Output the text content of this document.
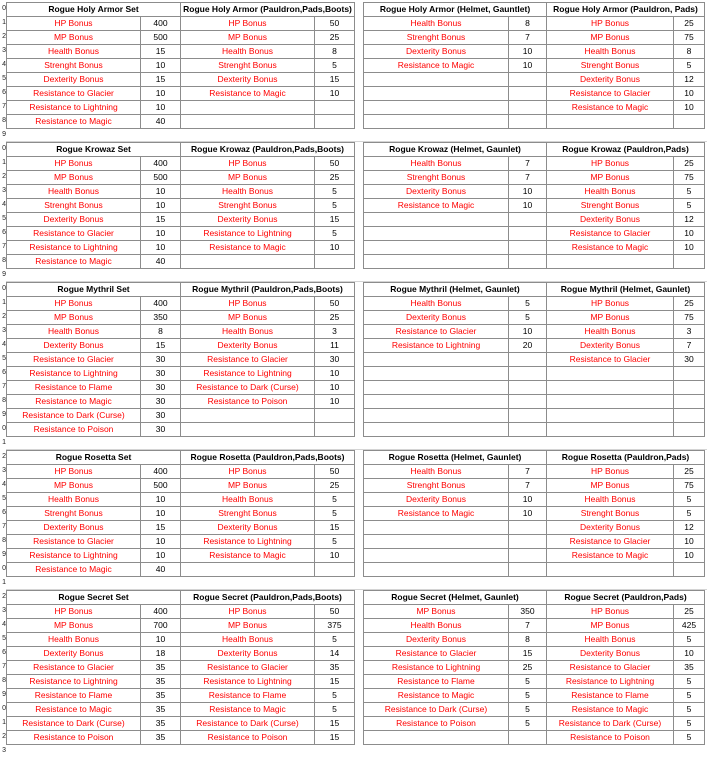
0
1
2
3
4
5
6
7
8
9
0
1
2
3
4
5
6
7
8
9
0
1
2
3
4
5
6
7
8
9
0
1
2
3
4
5
6
7
8
9
0
1
2
3
4
5
6
7
8
9
0
1
2
3
Rogue Holy Armor Set	
HP Bonus	400
MP Bonus	500
Health Bonus	15
Strenght Bonus	10
Dexterity Bonus	15
Resistance to Glacier	10
Resistance to Lightning	10
Resistance to Magic	40
Rogue Holy Armor (Pauldron,Pads,Boots)	
HP Bonus	50
MP Bonus	25
Health Bonus	8
Strenght Bonus	5
Dexterity Bonus	15
Resistance to Magic	10

Rogue Holy Armor (Helmet, Gauntlet)	
Health Bonus	8
Strenght Bonus	7
Dexterity Bonus	10
Resistance to Magic	10

Rogue Holy Armor (Pauldron, Pads)	
HP Bonus	25
MP Bonus	75
Health Bonus	8
Strenght Bonus	5
Dexterity Bonus	12
Resistance to Glacier	10
Resistance to Magic	10

Rogue Krowaz Set	
HP Bonus	400
MP Bonus	500
Health Bonus	10
Strenght Bonus	10
Dexterity Bonus	15
Resistance to Glacier	10
Resistance to Lightning	10
Resistance to Magic	40
Rogue Krowaz (Pauldron,Pads,Boots)	
HP Bonus	50
MP Bonus	25
Health Bonus	5
Strenght Bonus	5
Dexterity Bonus	15
Resistance to Lightning	5
Resistance to Magic	10

Rogue Krowaz (Helmet, Gaunlet)	
Health Bonus	7
Strenght Bonus	7
Dexterity Bonus	10
Resistance to Magic	10

Rogue Krowaz (Pauldron,Pads)	
HP Bonus	25
MP Bonus	75
Health Bonus	5
Strenght Bonus	5
Dexterity Bonus	12
Resistance to Glacier	10
Resistance to Magic	10

Rogue Mythril Set	
HP Bonus	400
MP Bonus	350
Health Bonus	8
Dexterity Bonus	15
Resistance to Glacier	30
Resistance to Lightning	30
Resistance to Flame	30
Resistance to Magic	30
Resistance to Dark (Curse)	30
Resistance to Poison	30
Rogue Mythril (Pauldron,Pads,Boots)	
HP Bonus	50
MP Bonus	25
Health Bonus	3
Dexterity Bonus	11
Resistance to Glacier	30
Resistance to Lightning	10
Resistance to Dark (Curse)	10
Resistance to Poison	10

Rogue Mythril (Helmet, Gaunlet)	
Health Bonus	5
Dexterity Bonus	5
Resistance to Glacier	10
Resistance to Lightning	20

Rogue Mythril (Helmet, Gaunlet)	
HP Bonus	25
MP Bonus	75
Health Bonus	3
Dexterity Bonus	7
Resistance to Glacier	30

Rogue Rosetta Set	
HP Bonus	400
MP Bonus	500
Health Bonus	10
Strenght Bonus	10
Dexterity Bonus	15
Resistance to Glacier	10
Resistance to Lightning	10
Resistance to Magic	40
Rogue Rosetta (Pauldron,Pads,Boots)	
HP Bonus	50
MP Bonus	25
Health Bonus	5
Strenght Bonus	5
Dexterity Bonus	15
Resistance to Lightning	5
Resistance to Magic	10

Rogue Rosetta (Helmet, Gaunlet)	
Health Bonus	7
Strenght Bonus	7
Dexterity Bonus	10
Resistance to Magic	10

Rogue Rosetta (Pauldron,Pads)	
HP Bonus	25
MP Bonus	75
Health Bonus	5
Strenght Bonus	5
Dexterity Bonus	12
Resistance to Glacier	10
Resistance to Magic	10

Rogue Secret Set	
HP Bonus	400
MP Bonus	700
Health Bonus	10
Dexterity Bonus	18
Resistance to Glacier	35
Resistance to Lightning	35
Resistance to Flame	35
Resistance to Magic	35
Resistance to Dark (Curse)	35
Resistance to Poison	35
Rogue Secret (Pauldron,Pads,Boots)	
HP Bonus	50
MP Bonus	375
Health Bonus	5
Dexterity Bonus	14
Resistance to Glacier	35
Resistance to Lightning	15
Resistance to Flame	5
Resistance to Magic	5
Resistance to Dark (Curse)	15
Resistance to Poison	15
Rogue Secret (Helmet, Gaunlet)	
MP Bonus	350
Health Bonus	7
Dexterity Bonus	8
Resistance to Glacier	15
Resistance to Lightning	25
Resistance to Flame	5
Resistance to Magic	5
Resistance to Dark (Curse)	5
Resistance to Poison	5

Rogue Secret (Pauldron,Pads)	
HP Bonus	25
MP Bonus	425
Health Bonus	5
Dexterity Bonus	10
Resistance to Glacier	35
Resistance to Lightning	5
Resistance to Flame	5
Resistance to Magic	5
Resistance to Dark (Curse)	5
Resistance to Poison	5
